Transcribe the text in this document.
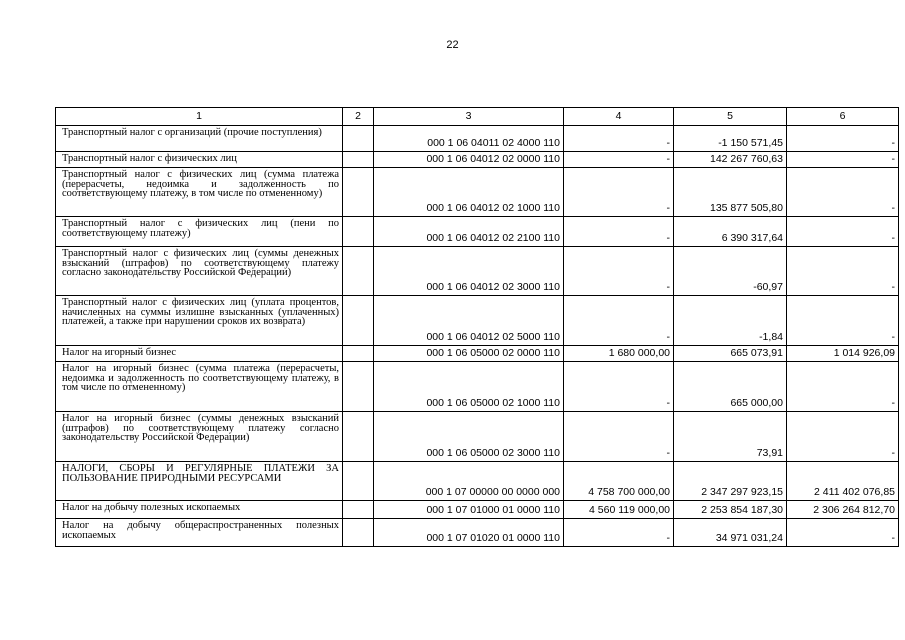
22
1	2	3	4	5	6
Транспортный налог с организаций (прочие поступления)		000 1 06 04011 02 4000 110	-	-1 150 571,45	-
Транспортный налог с физических лиц		000 1 06 04012 02 0000 110	-	142 267 760,63	-
Транспортный налог с физических лиц (сумма платежа (перерасчеты, недоимка и задолженность по соответствующему платежу, в том числе по отмененному)		000 1 06 04012 02 1000 110	-	135 877 505,80	-
Транспортный налог с физических лиц (пени по соответствующему платежу)		000 1 06 04012 02 2100 110	-	6 390 317,64	-
Транспортный налог с физических лиц (суммы денежных взысканий (штрафов) по соответствующему платежу согласно законодательству Российской Федерации)		000 1 06 04012 02 3000 110	-	-60,97	-
Транспортный налог с физических лиц (уплата процентов, начисленных на суммы излишне взысканных (уплаченных) платежей, а также при нарушении сроков их возврата)		000 1 06 04012 02 5000 110	-	-1,84	-
Налог на игорный бизнес		000 1 06 05000 02 0000 110	1 680 000,00	665 073,91	1 014 926,09
Налог на игорный бизнес (сумма платежа (перерасчеты, недоимка и задолженность по соответствующему платежу, в том числе по отмененному)		000 1 06 05000 02 1000 110	-	665 000,00	-
Налог на игорный бизнес (суммы денежных взысканий (штрафов) по соответствующему платежу согласно законодательству Российской Федерации)		000 1 06 05000 02 3000 110	-	73,91	-
НАЛОГИ, СБОРЫ И РЕГУЛЯРНЫЕ ПЛАТЕЖИ ЗА ПОЛЬЗОВАНИЕ ПРИРОДНЫМИ РЕСУРСАМИ		000 1 07 00000 00 0000 000	4 758 700 000,00	2 347 297 923,15	2 411 402 076,85
Налог на добычу полезных ископаемых		000 1 07 01000 01 0000 110	4 560 119 000,00	2 253 854 187,30	2 306 264 812,70
Налог на добычу общераспространенных полезных ископаемых		000 1 07 01020 01 0000 110	-	34 971 031,24	-
